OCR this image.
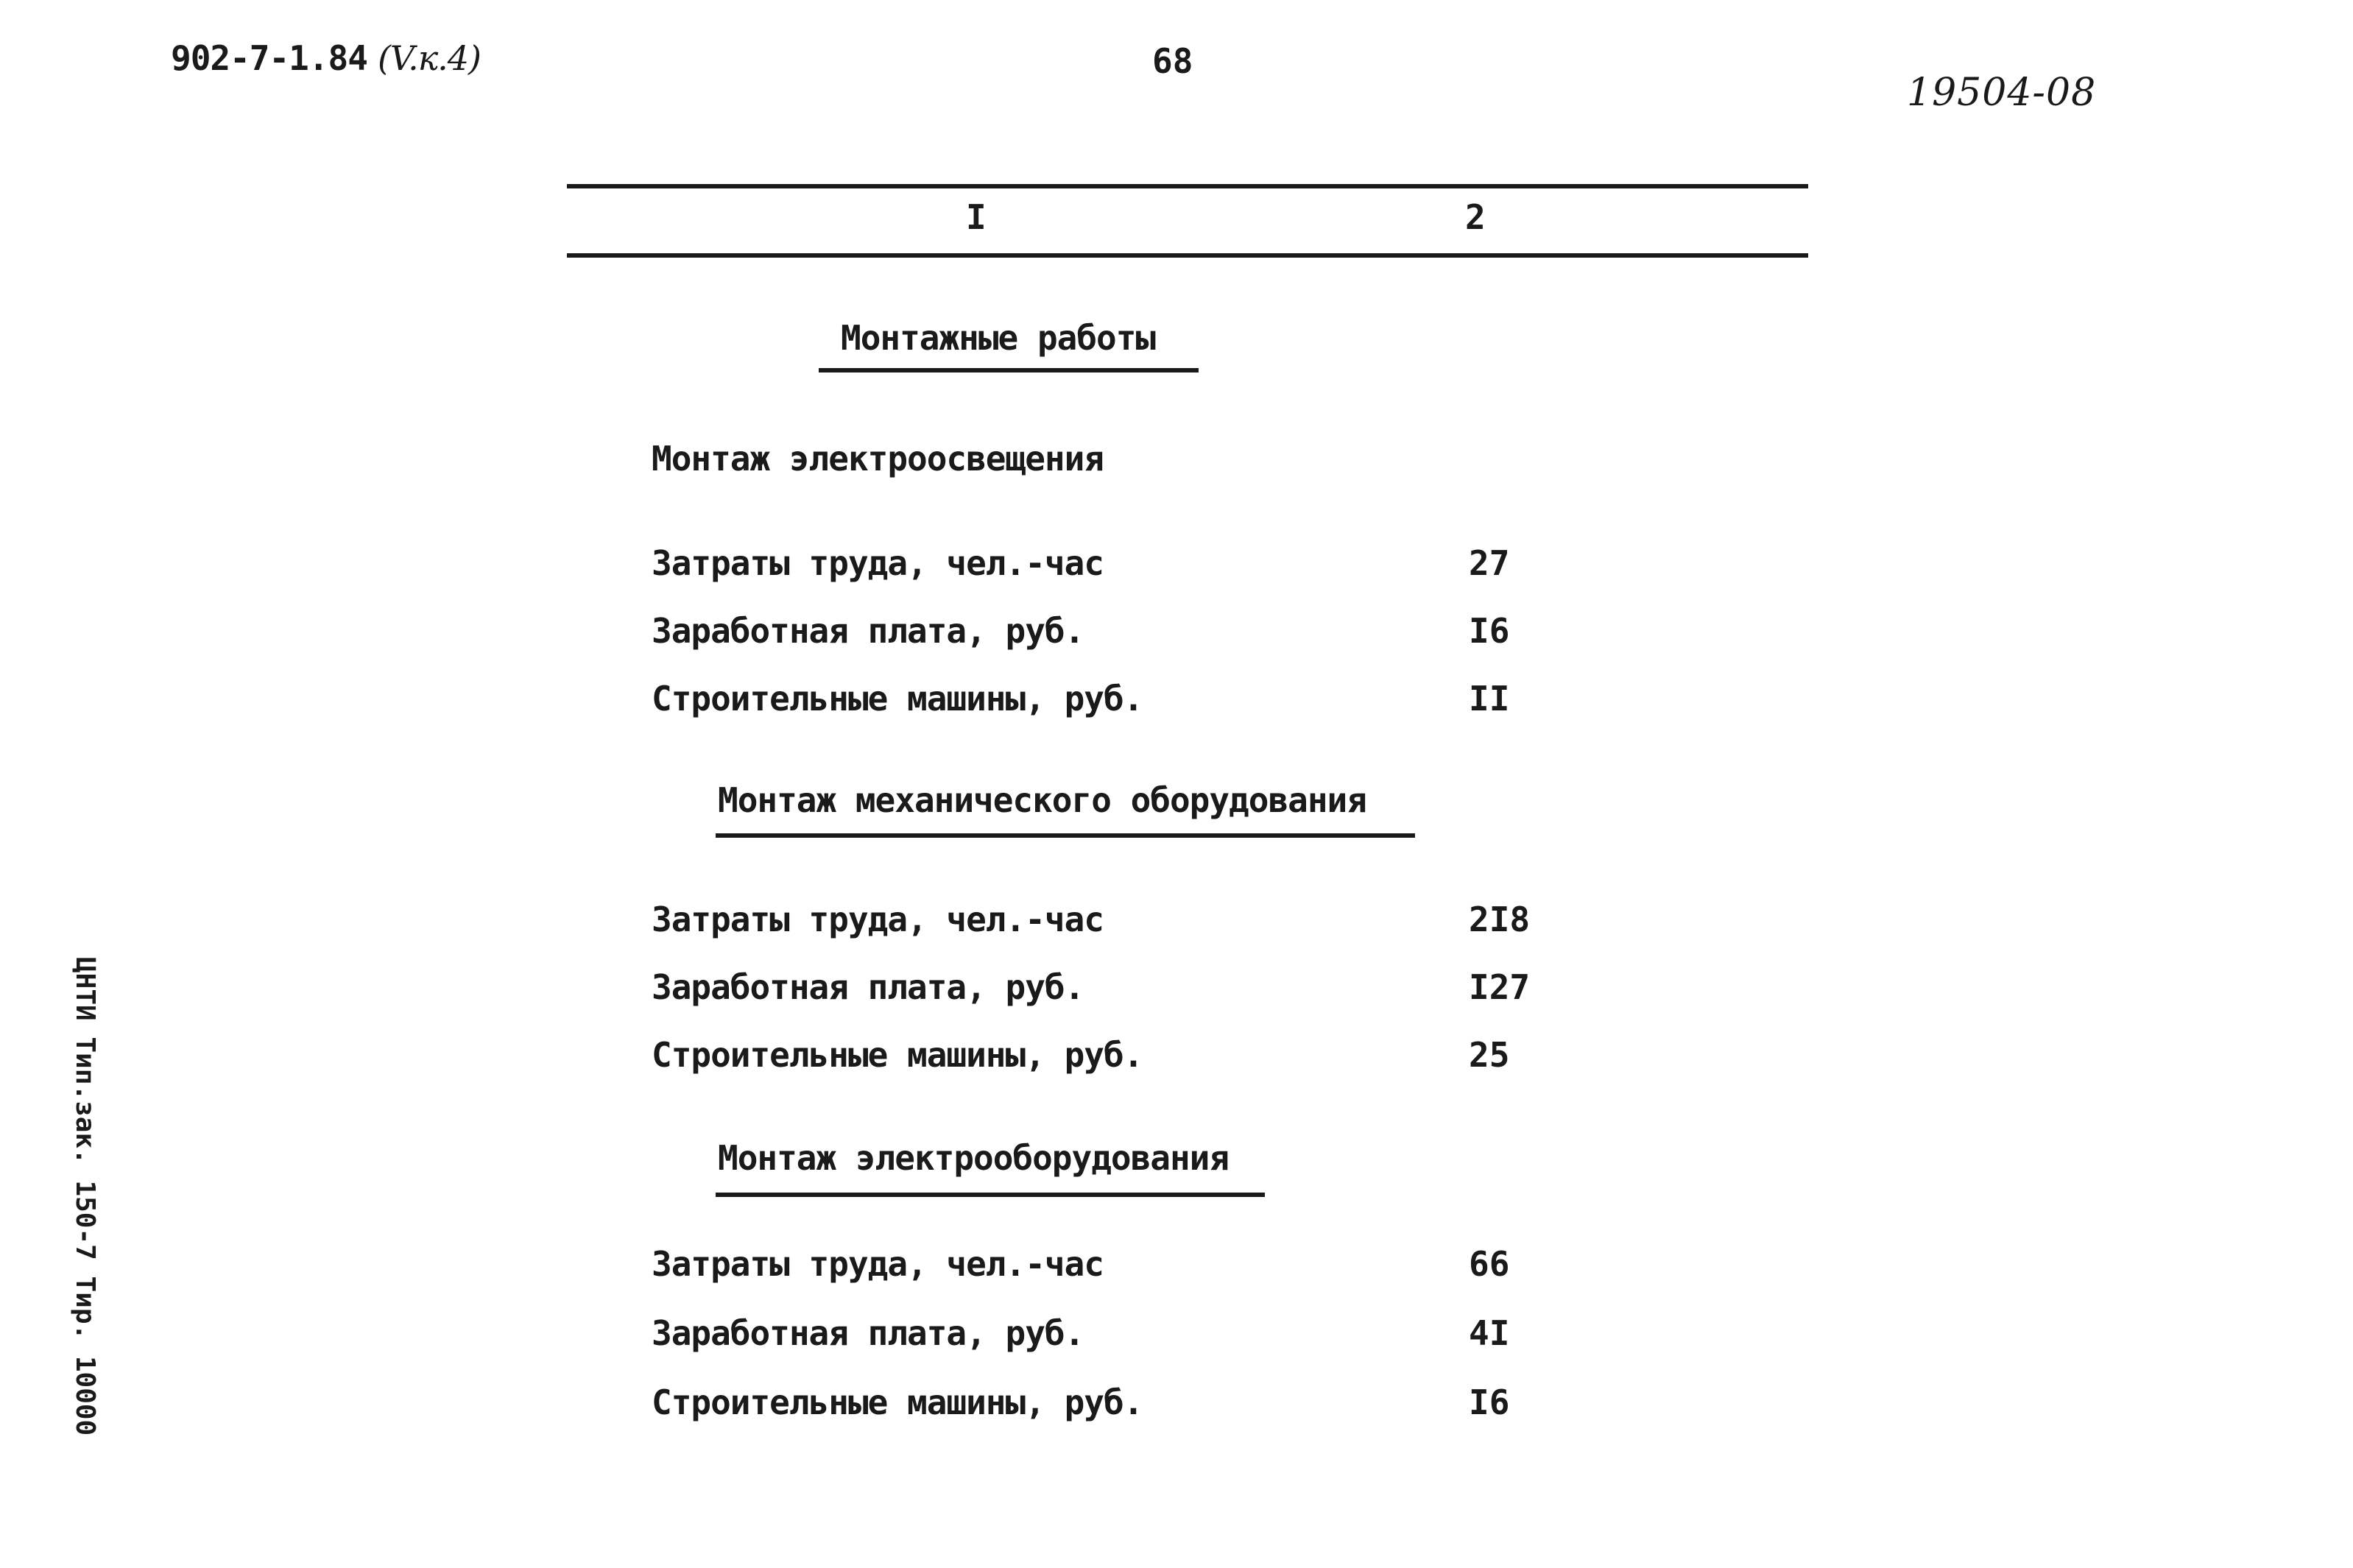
902-7-1.84 (V.к.4)	68
19504-08
I	2
Монтажные работы
Монтаж электроосвещения
Затраты труда, чел.-час	27
Заработная плата, руб.	I6
Строительные машины, руб.	II
Монтаж механического оборудования
Затраты труда, чел.-час	2I8
Заработная плата, руб.	I27
Строительные машины, руб.	25
Монтаж электрооборудования
Затраты труда, чел.-час	66
Заработная плата, руб.	4I
Строительные машины, руб.	I6
ЦНТИ Тип.зак. 150-7 Тир. 10000
